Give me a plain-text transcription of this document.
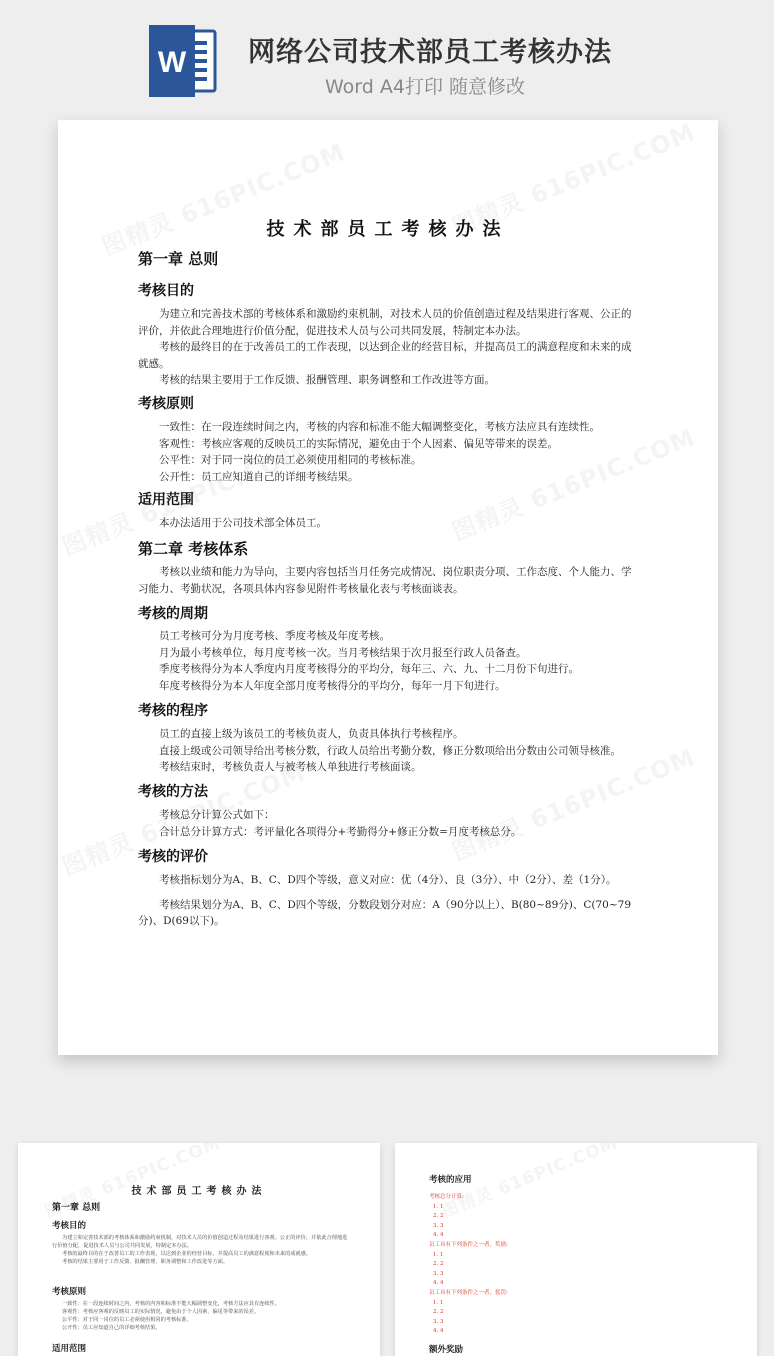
W 网络公司技术部员工考核办法
Word A4打印 随意修改
技术部员工考核办法
第一章 总则
考核目的

为建立和完善技术部的考核体系和激励约束机制，对技术人员的价值创造过程及结果进行客观、公正的评价，并依此合理地进行价值分配，促进技术人员与公司共同发展，特制定本办法。

考核的最终目的在于改善员工的工作表现，以达到企业的经营目标，并提高员工的满意程度和未来的成就感。

考核的结果主要用于工作反馈、报酬管理、职务调整和工作改进等方面。

考核原则

一致性：在一段连续时间之内，考核的内容和标准不能大幅调整变化，考核方法应具有连续性。

客观性：考核应客观的反映员工的实际情况，避免由于个人因素、偏见等带来的误差。

公平性：对于同一岗位的员工必须使用相同的考核标准。

公开性：员工应知道自己的详细考核结果。

适用范围

本办法适用于公司技术部全体员工。

第二章 考核体系

考核以业绩和能力为导向，主要内容包括当月任务完成情况、岗位职责分项、工作态度、个人能力、学习能力、考勤状况，各项具体内容参见附件考核量化表与考核面谈表。

考核的周期

员工考核可分为月度考核、季度考核及年度考核。

月为最小考核单位，每月度考核一次。当月考核结果于次月报至行政人员备查。

季度考核得分为本人季度内月度考核得分的平均分，每年三、六、九、十二月份下旬进行。

年度考核得分为本人年度全部月度考核得分的平均分，每年一月下旬进行。

考核的程序

员工的直接上级为该员工的考核负责人，负责具体执行考核程序。

直接上级或公司领导给出考核分数，行政人员给出考勤分数，修正分数项给出分数由公司领导核准。

考核结束时，考核负责人与被考核人单独进行考核面谈。

考核的方法

考核总分计算公式如下：

合计总分计算方式：考评量化各项得分+考勤得分+修正分数=月度考核总分。

考核的评价

考核指标划分为A、B、C、D四个等级，意义对应：优（4分）、良（3分）、中（2分）、差（1分）。

考核结果划分为A、B、C、D四个等级，分数段划分对应：A（90分以上）、B(80~89分)、C(70~79分)、D(69以下)。

技术部员工考核办法
第一章 总则
考核目的

为建立和完善技术部的考核体系和激励约束机制，对技术人员的价值创造过程及结果进行客观、公正的评价，并依此合理地进行价值分配，促进技术人员与公司共同发展，特制定本办法。

考核的最终目的在于改善员工的工作表现，以达到企业的经营目标，并提高员工的满意程度和未来的成就感。

考核的结果主要用于工作反馈、报酬管理、职务调整和工作改进等方面。

考核原则

一致性：在一段连续时间之内，考核的内容和标准不能大幅调整变化，考核方法应具有连续性。

客观性：考核应客观的反映员工的实际情况，避免由于个人因素、偏见等带来的误差。

公平性：对于同一岗位的员工必须使用相同的考核标准。

公开性：员工应知道自己的详细考核结果。

适用范围
考核的应用
考核总分计算:
1. 1
2. 2
3. 3
4. 4
员工具有下列条件之一者，奖励:
1. 1
2. 2
3. 3
4. 4
员工具有下列条件之一者，惩罚:
1. 1
2. 2
3. 3
4. 4
额外奖励
